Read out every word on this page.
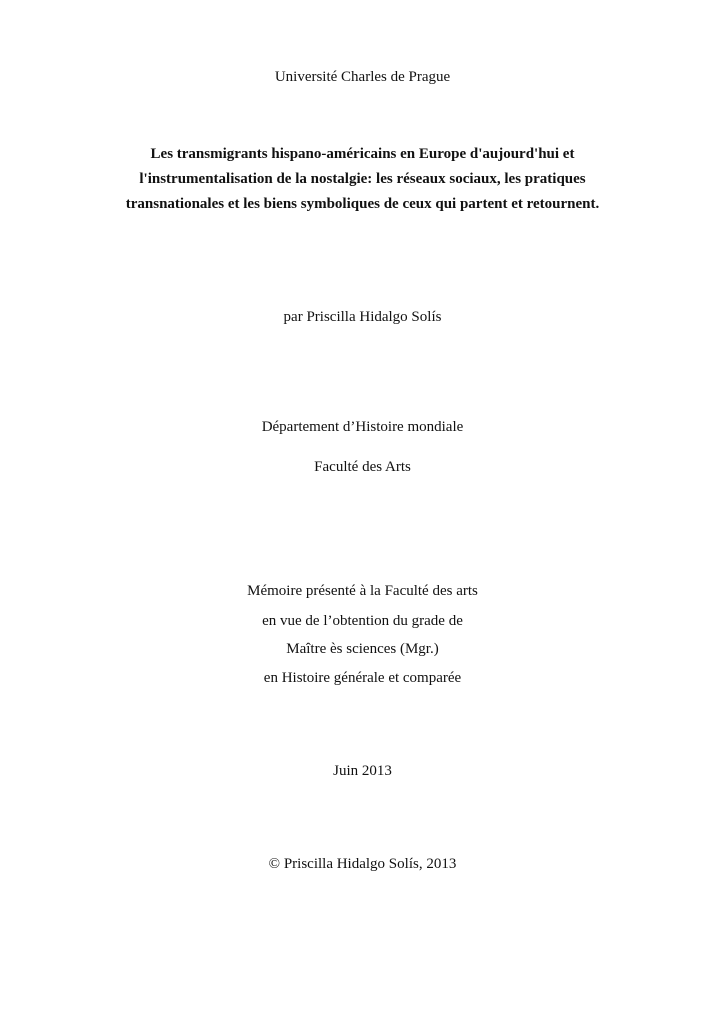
Université Charles de Prague
Les transmigrants hispano-américains en Europe d'aujourd'hui et
l'instrumentalisation de la nostalgie: les réseaux sociaux, les pratiques
transnationales et les biens symboliques de ceux qui partent et retournent.
par Priscilla Hidalgo Solís
Département d’Histoire mondiale
Faculté des Arts
Mémoire présenté à la Faculté des arts
en vue de l’obtention du grade de
Maître ès sciences (Mgr.)
en Histoire générale et comparée
Juin 2013
© Priscilla Hidalgo Solís, 2013
